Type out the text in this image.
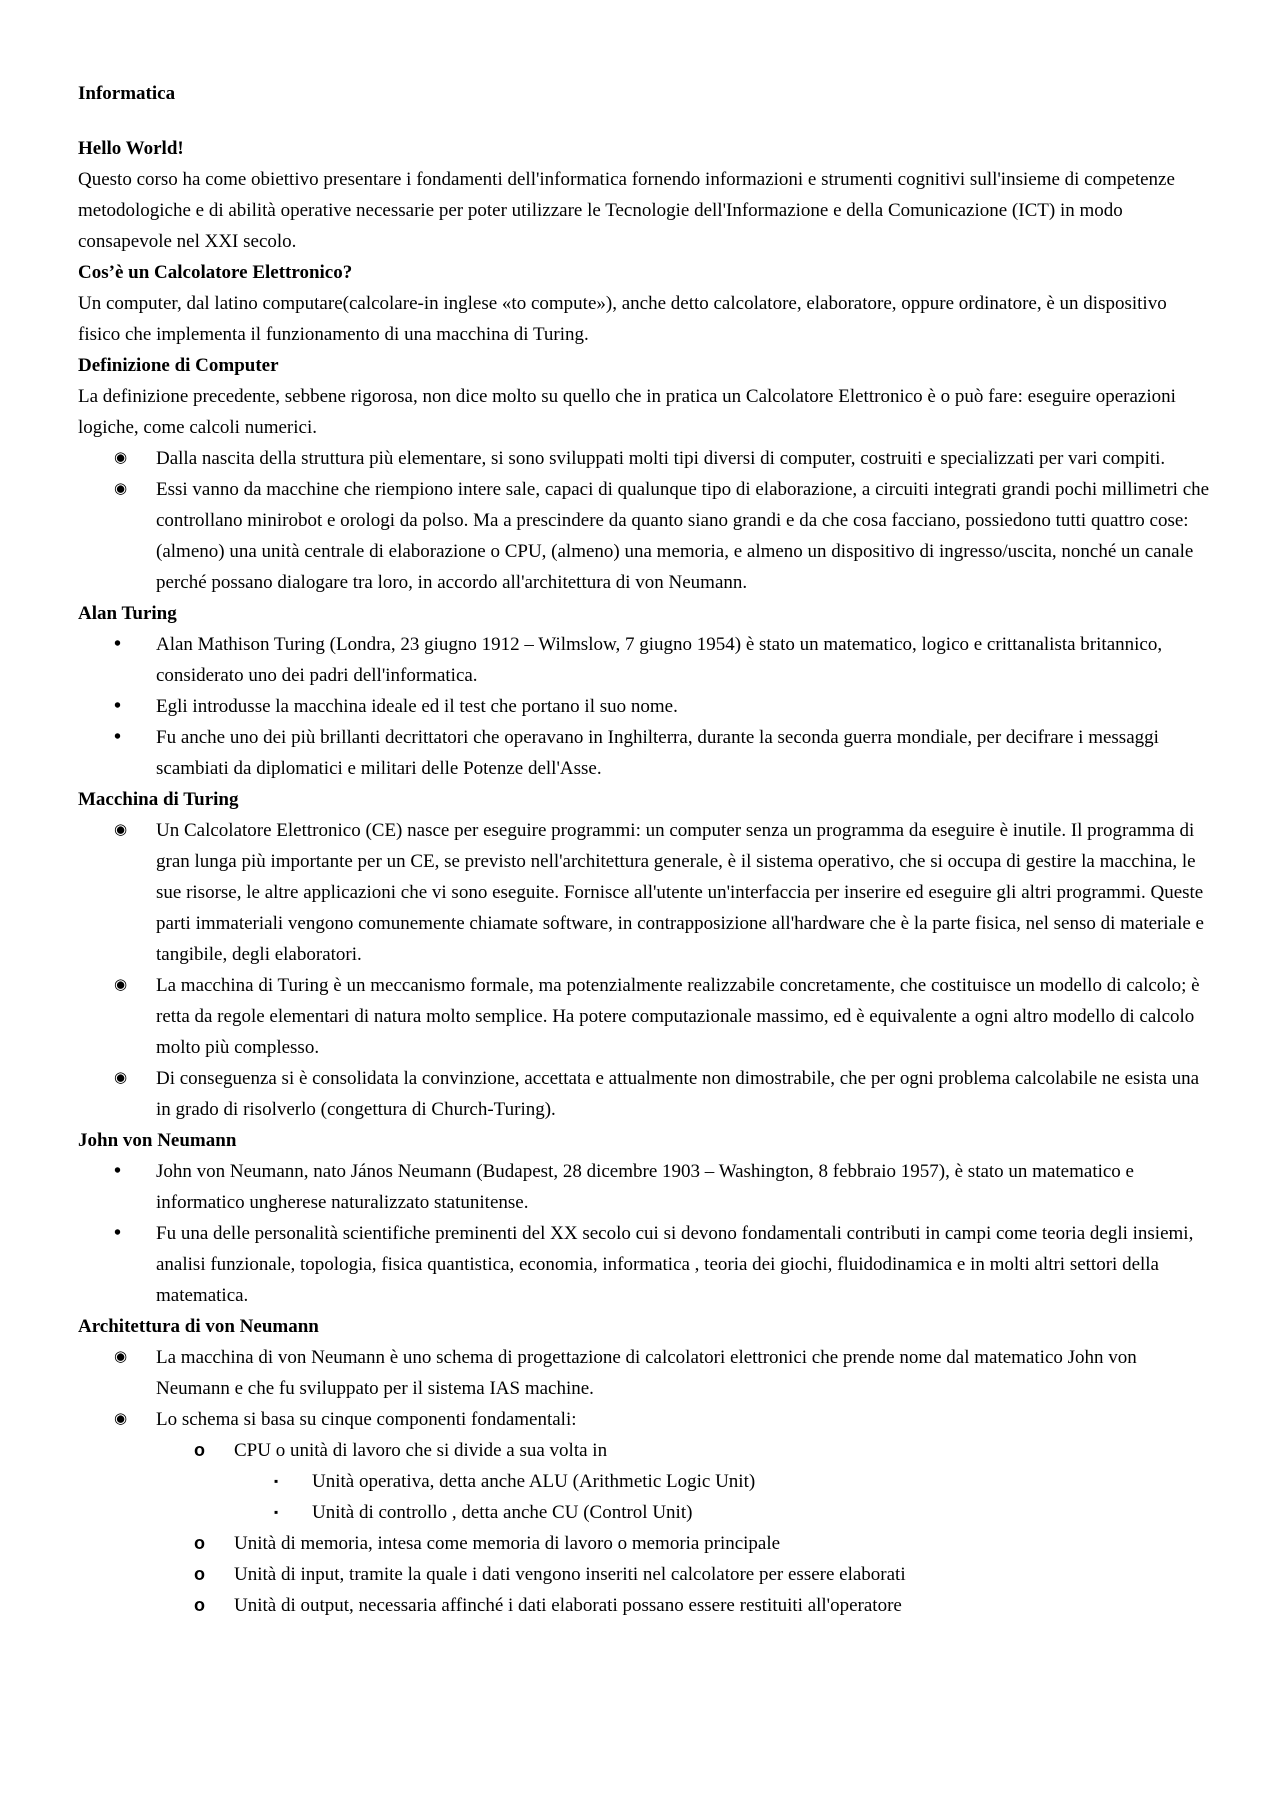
Informatica

Hello World!

Questo corso ha come obiettivo presentare i fondamenti dell'informatica fornendo informazioni e strumenti cognitivi sull'insieme di competenze metodologiche e di abilità operative necessarie per poter utilizzare le Tecnologie dell'Informazione e della Comunicazione (ICT) in modo consapevole nel XXI secolo.

Cos’è un Calcolatore Elettronico?

Un computer, dal latino computare(calcolare-in inglese «to compute»), anche detto calcolatore, elaboratore, oppure ordinatore, è un dispositivo fisico che implementa il funzionamento di una macchina di Turing.

Definizione di Computer

La definizione precedente, sebbene rigorosa, non dice molto su quello che in pratica un Calcolatore Elettronico è o può fare: eseguire operazioni logiche, come calcoli numerici.

◉ Dalla nascita della struttura più elementare, si sono sviluppati molti tipi diversi di computer, costruiti e specializzati per vari compiti.
◉ Essi vanno da macchine che riempiono intere sale, capaci di qualunque tipo di elaborazione, a circuiti integrati grandi pochi millimetri che controllano minirobot e orologi da polso. Ma a prescindere da quanto siano grandi e da che cosa facciano, possiedono tutti quattro cose: (almeno) una unità centrale di elaborazione o CPU, (almeno) una memoria, e almeno un dispositivo di ingresso/uscita, nonché un canale perché possano dialogare tra loro, in accordo all'architettura di von Neumann.

Alan Turing

• Alan Mathison Turing (Londra, 23 giugno 1912 – Wilmslow, 7 giugno 1954) è stato un matematico, logico e crittanalista britannico, considerato uno dei padri dell'informatica.
• Egli introdusse la macchina ideale ed il test che portano il suo nome.
• Fu anche uno dei più brillanti decrittatori che operavano in Inghilterra, durante la seconda guerra mondiale, per decifrare i messaggi scambiati da diplomatici e militari delle Potenze dell'Asse.

Macchina di Turing

◉ Un Calcolatore Elettronico (CE) nasce per eseguire programmi: un computer senza un programma da eseguire è inutile. Il programma di gran lunga più importante per un CE, se previsto nell'architettura generale, è il sistema operativo, che si occupa di gestire la macchina, le sue risorse, le altre applicazioni che vi sono eseguite. Fornisce all'utente un'interfaccia per inserire ed eseguire gli altri programmi. Queste parti immateriali vengono comunemente chiamate software, in contrapposizione all'hardware che è la parte fisica, nel senso di materiale e tangibile, degli elaboratori.
◉ La macchina di Turing è un meccanismo formale, ma potenzialmente realizzabile concretamente, che costituisce un modello di calcolo; è retta da regole elementari di natura molto semplice. Ha potere computazionale massimo, ed è equivalente a ogni altro modello di calcolo molto più complesso.
◉ Di conseguenza si è consolidata la convinzione, accettata e attualmente non dimostrabile, che per ogni problema calcolabile ne esista una in grado di risolverlo (congettura di Church-Turing).

John von Neumann

• John von Neumann, nato János Neumann (Budapest, 28 dicembre 1903 – Washington, 8 febbraio 1957), è stato un matematico e informatico ungherese naturalizzato statunitense.
• Fu una delle personalità scientifiche preminenti del XX secolo cui si devono fondamentali contributi in campi come teoria degli insiemi, analisi funzionale, topologia, fisica quantistica, economia, informatica , teoria dei giochi, fluidodinamica e in molti altri settori della matematica.

Architettura di von Neumann

◉ La macchina di von Neumann è uno schema di progettazione di calcolatori elettronici che prende nome dal matematico John von Neumann e che fu sviluppato per il sistema IAS machine.
◉ Lo schema si basa su cinque componenti fondamentali:
o CPU o unità di lavoro che si divide a sua volta in
▪ Unità operativa, detta anche ALU (Arithmetic Logic Unit)
▪ Unità di controllo , detta anche CU (Control Unit)
o Unità di memoria, intesa come memoria di lavoro o memoria principale
o Unità di input, tramite la quale i dati vengono inseriti nel calcolatore per essere elaborati
o Unità di output, necessaria affinché i dati elaborati possano essere restituiti all'operatore
